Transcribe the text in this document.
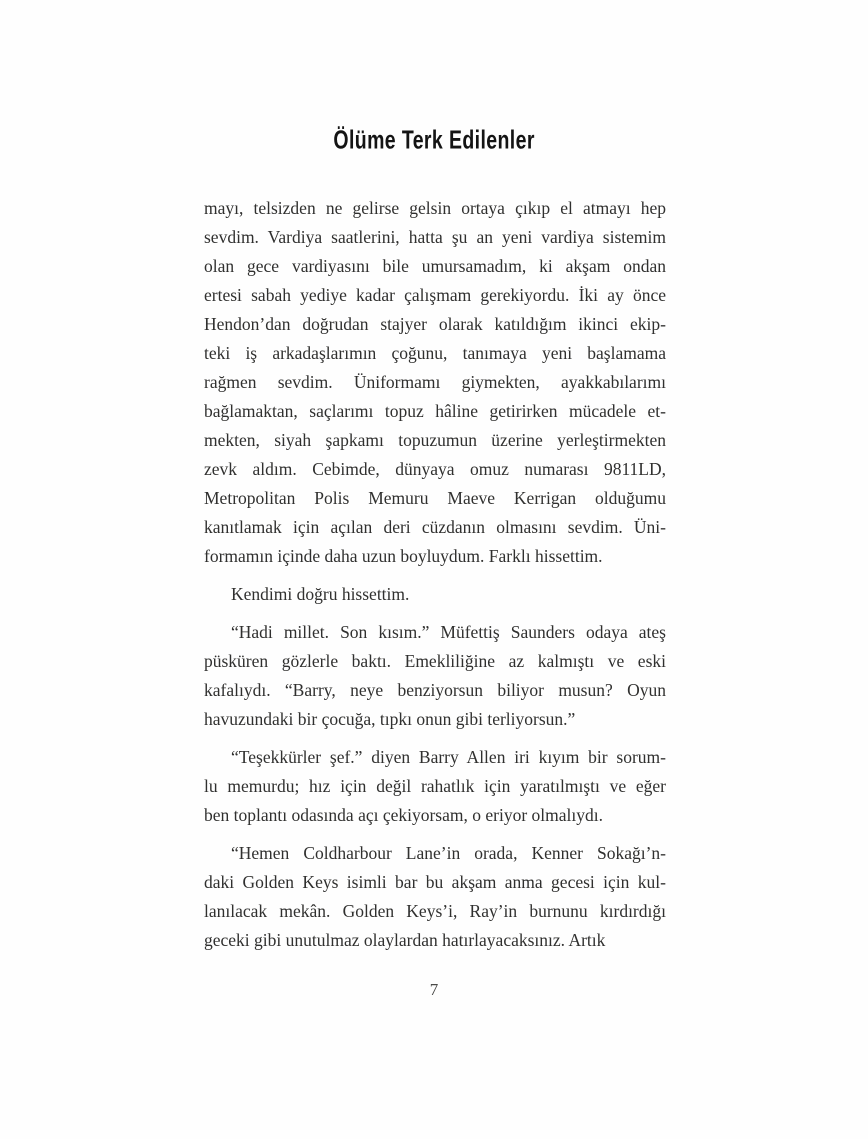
Ölüme Terk Edilenler
mayı, telsizden ne gelirse gelsin ortaya çıkıp el atmayı hep
sevdim. Vardiya saatlerini, hatta şu an yeni vardiya sistemim
olan gece vardiyasını bile umursamadım, ki akşam ondan
ertesi sabah yediye kadar çalışmam gerekiyordu. İki ay önce
Hendon’dan doğrudan stajyer olarak katıldığım ikinci ekip-
teki iş arkadaşlarımın çoğunu, tanımaya yeni başlamama
rağmen sevdim. Üniformamı giymekten, ayakkabılarımı
bağlamaktan, saçlarımı topuz hâline getirirken mücadele et-
mekten, siyah şapkamı topuzumun üzerine yerleştirmekten
zevk aldım. Cebimde, dünyaya omuz numarası 9811LD,
Metropolitan Polis Memuru Maeve Kerrigan olduğumu
kanıtlamak için açılan deri cüzdanın olmasını sevdim. Üni-
formamın içinde daha uzun boyluydum. Farklı hissettim.
Kendimi doğru hissettim.
“Hadi millet. Son kısım.” Müfettiş Saunders odaya ateş
püsküren gözlerle baktı. Emekliliğine az kalmıştı ve eski
kafalıydı. “Barry, neye benziyorsun biliyor musun? Oyun
havuzundaki bir çocuğa, tıpkı onun gibi terliyorsun.”
“Teşekkürler şef.” diyen Barry Allen iri kıyım bir sorum-
lu memurdu; hız için değil rahatlık için yaratılmıştı ve eğer
ben toplantı odasında açı çekiyorsam, o eriyor olmalıydı.
“Hemen Coldharbour Lane’in orada, Kenner Sokağı’n-
daki Golden Keys isimli bar bu akşam anma gecesi için kul-
lanılacak mekân. Golden Keys’i, Ray’in burnunu kırdırdığı
geceki gibi unutulmaz olaylardan hatırlayacaksınız. Artık
7
